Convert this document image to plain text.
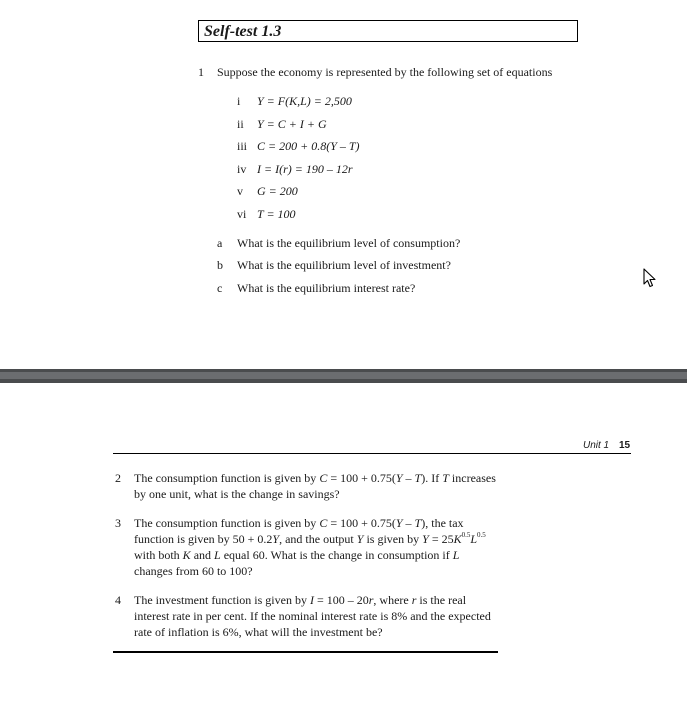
Self-test 1.3
1 Suppose the economy is represented by the following set of equations
i Y = F(K,L) = 2,500
ii Y = C + I + G
iii C = 200 + 0.8(Y – T)
iv I = I(r) = 190 – 12r
v G = 200
vi T = 100
a What is the equilibrium level of consumption?
b What is the equilibrium level of investment?
c What is the equilibrium interest rate?
Unit 1 15
2 The consumption function is given by C = 100 + 0.75(Y – T). If T increases by one unit, what is the change in savings?
3 The consumption function is given by C = 100 + 0.75(Y – T), the tax function is given by 50 + 0.2Y, and the output Y is given by $Y = 25K^{0.5}L^{0.5}$ with both K and L equal 60. What is the change in consumption if L changes from 60 to 100?
4 The investment function is given by I = 100 – 20r, where r is the real interest rate in per cent. If the nominal interest rate is 8% and the expected rate of inflation is 6%, what will the investment be?
